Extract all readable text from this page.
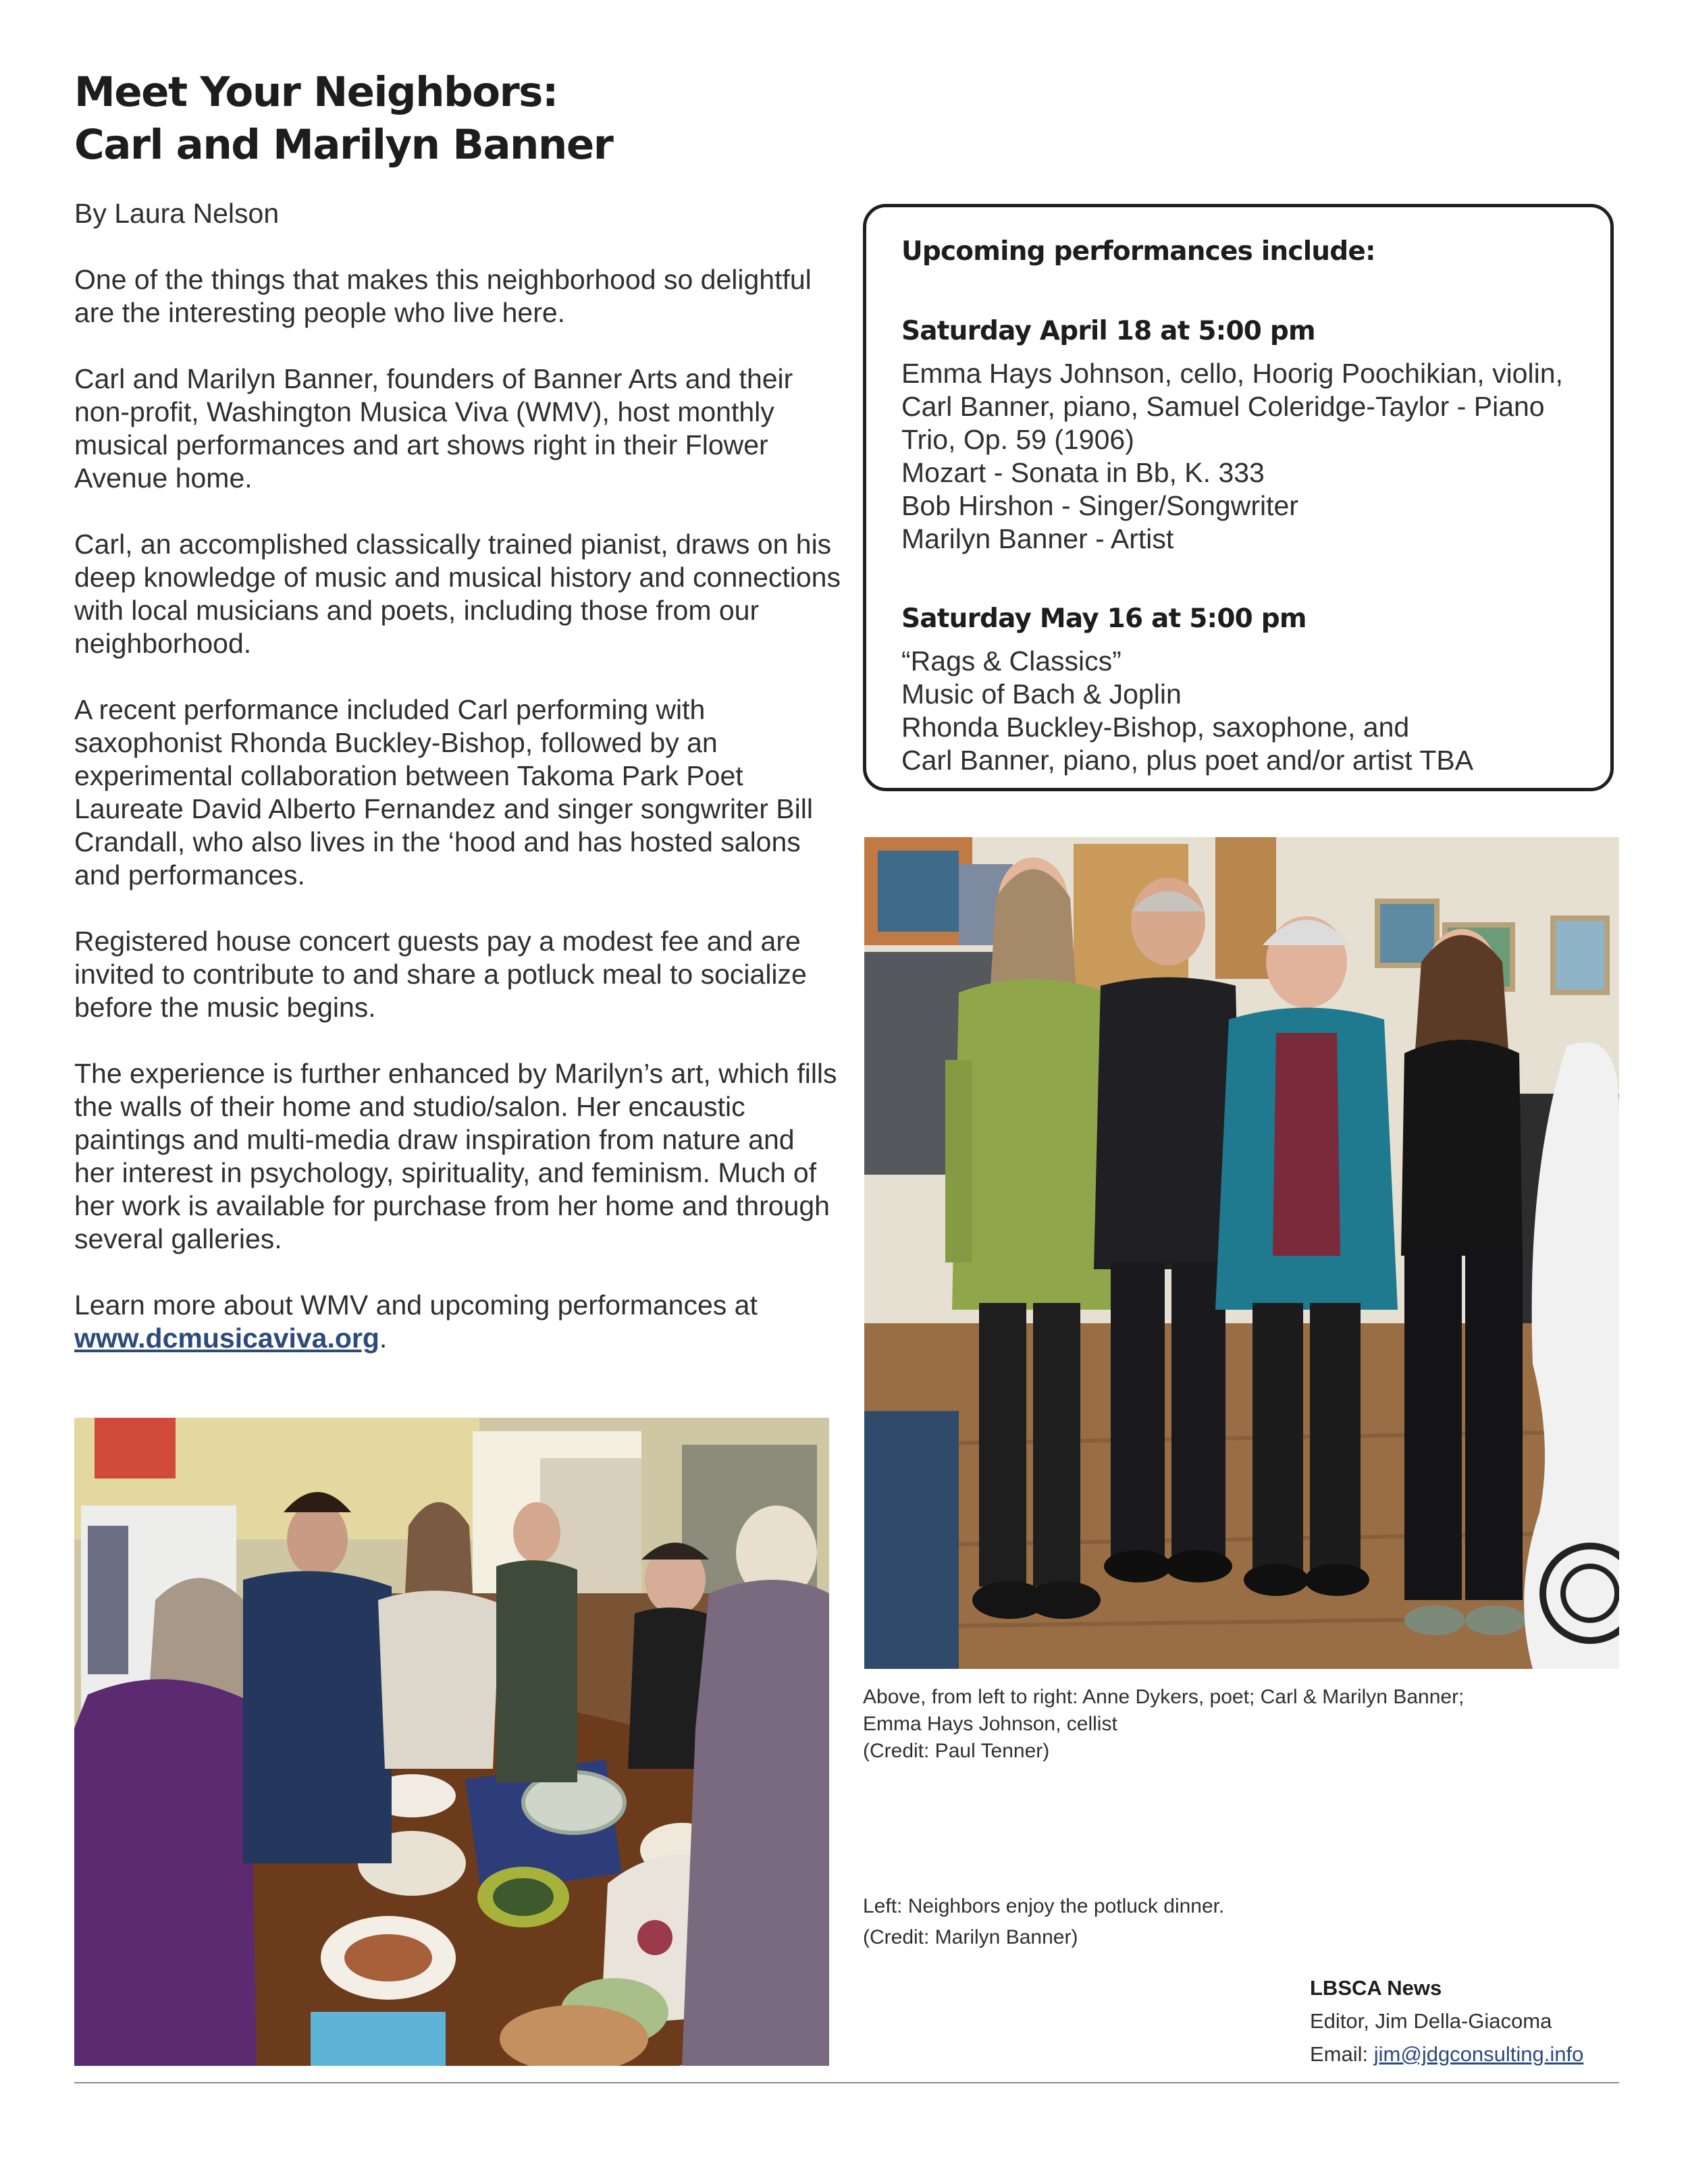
Meet Your Neighbors:
Carl and Marilyn Banner

By Laura Nelson

One of the things that makes this neighborhood so delightful are the interesting people who live here.

Carl and Marilyn Banner, founders of Banner Arts and their non-profit, Washington Musica Viva (WMV), host monthly musical performances and art shows right in their Flower Avenue home.

Carl, an accomplished classically trained pianist, draws on his deep knowledge of music and musical history and connections with local musicians and poets, including those from our neighborhood.

A recent performance included Carl performing with saxophonist Rhonda Buckley-Bishop, followed by an experimental collaboration between Takoma Park Poet Laureate David Alberto Fernandez and singer songwriter Bill Crandall, who also lives in the ‘hood and has hosted salons and performances.

Registered house concert guests pay a modest fee and are invited to contribute to and share a potluck meal to socialize before the music begins.

The experience is further enhanced by Marilyn’s art, which fills the walls of their home and studio/salon. Her encaustic paintings and multi-media draw inspiration from nature and her interest in psychology, spirituality, and feminism. Much of her work is available for purchase from her home and through several galleries.

Learn more about WMV and upcoming performances at www.dcmusicaviva.org.

Upcoming performances include:
Saturday April 18 at 5:00 pm
Emma Hays Johnson, cello, Hoorig Poochikian, violin,
Carl Banner, piano, Samuel Coleridge-Taylor - Piano
Trio, Op. 59 (1906)
Mozart - Sonata in Bb, K. 333
Bob Hirshon - Singer/Songwriter
Marilyn Banner - Artist
Saturday May 16 at 5:00 pm
“Rags & Classics”
Music of Bach & Joplin
Rhonda Buckley-Bishop, saxophone, and
Carl Banner, piano, plus poet and/or artist TBA
Above, from left to right: Anne Dykers, poet; Carl & Marilyn Banner;
Emma Hays Johnson, cellist
(Credit: Paul Tenner)
Left: Neighbors enjoy the potluck dinner.
(Credit: Marilyn Banner)
LBSCA News
Editor, Jim Della-Giacoma
Email: jim@jdgconsulting.info
